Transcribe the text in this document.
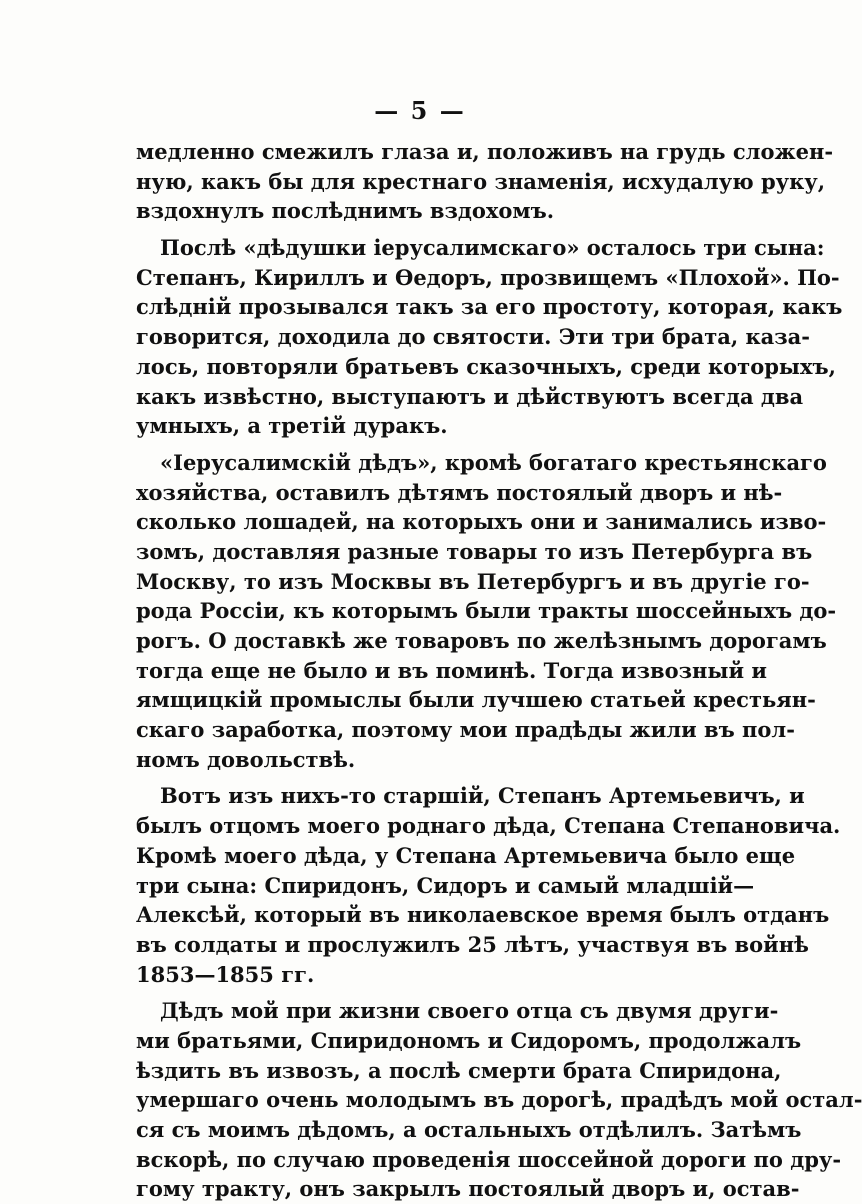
— 5 —
медленно смежилъ глаза и, положивъ на грудь сложен-
ную, какъ бы для крестнаго знаменія, исхудалую руку,
вздохнулъ послѣднимъ вздохомъ.
Послѣ «дѣдушки іерусалимскаго» осталось три сына:
Степанъ, Кириллъ и Ѳедоръ, прозвищемъ «Плохой». По-
слѣдній прозывался такъ за его простоту, которая, какъ
говорится, доходила до святости. Эти три брата, каза-
лось, повторяли братьевъ сказочныхъ, среди которыхъ,
какъ извѣстно, выступаютъ и дѣйствуютъ всегда два
умныхъ, а третій дуракъ.
«Іерусалимскій дѣдъ», кромѣ богатаго крестьянскаго
хозяйства, оставилъ дѣтямъ постоялый дворъ и нѣ-
сколько лошадей, на которыхъ они и занимались изво-
зомъ, доставляя разные товары то изъ Петербурга въ
Москву, то изъ Москвы въ Петербургъ и въ другіе го-
рода Россіи, къ которымъ были тракты шоссейныхъ до-
рогъ. О доставкѣ же товаровъ по желѣзнымъ дорогамъ
тогда еще не было и въ поминѣ. Тогда извозный и
ямщицкій промыслы были лучшею статьей крестьян-
скаго заработка, поэтому мои прадѣды жили въ пол-
номъ довольствѣ.
Вотъ изъ нихъ-то старшій, Степанъ Артемьевичъ, и
былъ отцомъ моего роднаго дѣда, Степана Степановича.
Кромѣ моего дѣда, у Степана Артемьевича было еще
три сына: Спиридонъ, Сидоръ и самый младшій—
Алексѣй, который въ николаевское время былъ отданъ
въ солдаты и прослужилъ 25 лѣтъ, участвуя въ войнѣ
1853—1855 гг.
Дѣдъ мой при жизни своего отца съ двумя други-
ми братьями, Спиридономъ и Сидоромъ, продолжалъ
ѣздить въ извозъ, а послѣ смерти брата Спиридона,
умершаго очень молодымъ въ дорогѣ, прадѣдъ мой остал-
ся съ моимъ дѣдомъ, а остальныхъ отдѣлилъ. Затѣмъ
вскорѣ, по случаю проведенія шоссейной дороги по дру-
гому тракту, онъ закрылъ постоялый дворъ и, остав-
